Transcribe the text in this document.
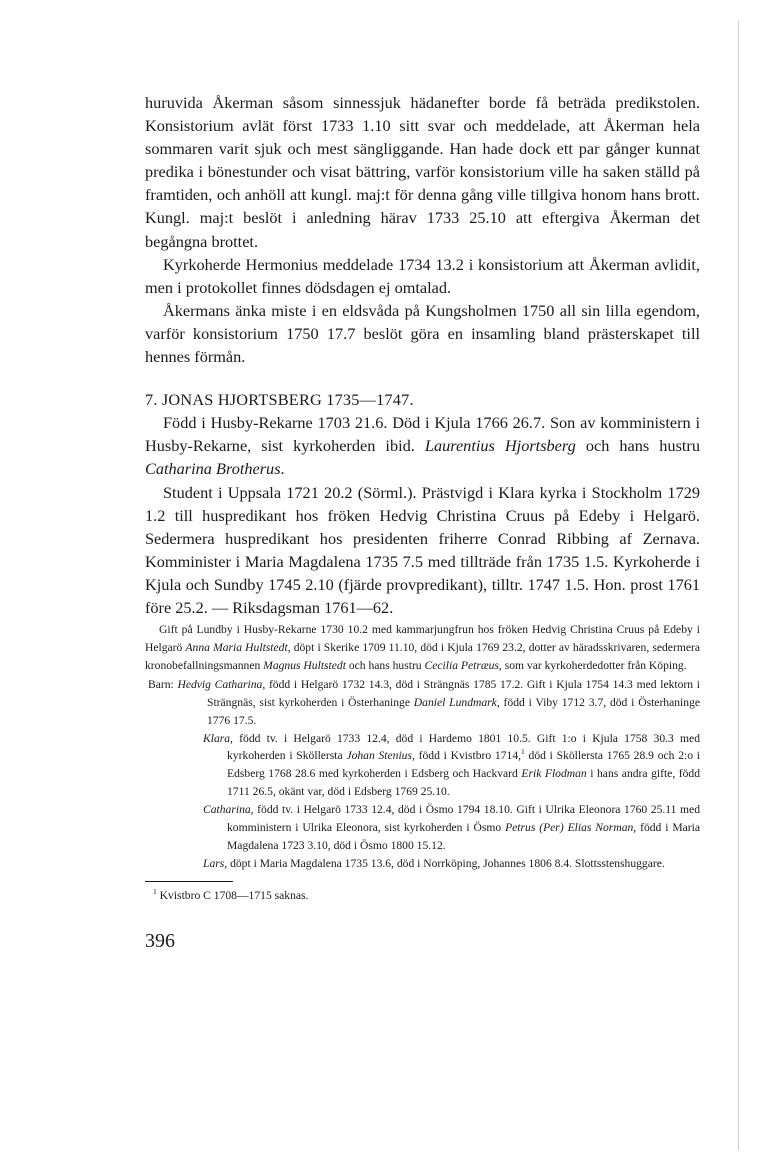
huruvida Åkerman såsom sinnessjuk hädanefter borde få beträda predikstolen. Konsistorium avlät först 1733 1.10 sitt svar och meddelade, att Åkerman hela sommaren varit sjuk och mest sängliggande. Han hade dock ett par gånger kunnat predika i bönestunder och visat bättring, varför konsistorium ville ha saken ställd på framtiden, och anhöll att kungl. maj:t för denna gång ville tillgiva honom hans brott. Kungl. maj:t beslöt i anledning härav 1733 25.10 att eftergiva Åkerman det begångna brottet.

Kyrkoherde Hermonius meddelade 1734 13.2 i konsistorium att Åkerman avlidit, men i protokollet finnes dödsdagen ej omtalad.

Åkermans änka miste i en eldsvåda på Kungsholmen 1750 all sin lilla egendom, varför konsistorium 1750 17.7 beslöt göra en insamling bland prästerskapet till hennes förmån.

7. JONAS HJORTSBERG 1735—1747.

Född i Husby-Rekarne 1703 21.6. Död i Kjula 1766 26.7. Son av komministern i Husby-Rekarne, sist kyrkoherden ibid. Laurentius Hjortsberg och hans hustru Catharina Brotherus.

Student i Uppsala 1721 20.2 (Sörml.). Prästvigd i Klara kyrka i Stockholm 1729 1.2 till huspredikant hos fröken Hedvig Christina Cruus på Edeby i Helgarö. Sedermera huspredikant hos presidenten friherre Conrad Ribbing af Zernava. Komminister i Maria Magdalena 1735 7.5 med tillträde från 1735 1.5. Kyrkoherde i Kjula och Sundby 1745 2.10 (fjärde provpredikant), tilltr. 1747 1.5. Hon. prost 1761 före 25.2. — Riksdagsman 1761—62.

Gift på Lundby i Husby-Rekarne 1730 10.2 med kammarjungfrun hos fröken Hedvig Christina Cruus på Edeby i Helgarö Anna Maria Hultstedt, döpt i Skerike 1709 11.10, död i Kjula 1769 23.2, dotter av häradsskrivaren, sedermera kronobefallningsmannen Magnus Hultstedt och hans hustru Cecilia Petræus, som var kyrkoherdedotter från Köping.

Barn: Hedvig Catharina, född i Helgarö 1732 14.3, död i Strängnäs 1785 17.2. Gift i Kjula 1754 14.3 med lektorn i Strängnäs, sist kyrkoherden i Österhaninge Daniel Lundmark, född i Viby 1712 3.7, död i Österhaninge 1776 17.5.
Klara, född tv. i Helgarö 1733 12.4, död i Hardemo 1801 10.5. Gift 1:o i Kjula 1758 30.3 med kyrkoherden i Sköllersta Johan Stenius, född i Kvistbro 1714,$^1$ död i Sköllersta 1765 28.9 och 2:o i Edsberg 1768 28.6 med kyrkoherden i Edsberg och Hackvard Erik Flodman i hans andra gifte, född 1711 26.5, okänt var, död i Edsberg 1769 25.10.
Catharina, född tv. i Helgarö 1733 12.4, död i Ösmo 1794 18.10. Gift i Ulrika Eleonora 1760 25.11 med komministern i Ulrika Eleonora, sist kyrkoherden i Ösmo Petrus (Per) Elias Norman, född i Maria Magdalena 1723 3.10, död i Ösmo 1800 15.12.
Lars, döpt i Maria Magdalena 1735 13.6, död i Norrköping, Johannes 1806 8.4. Slottsstenshuggare.
$^1$ Kvistbro C 1708—1715 saknas.
396
